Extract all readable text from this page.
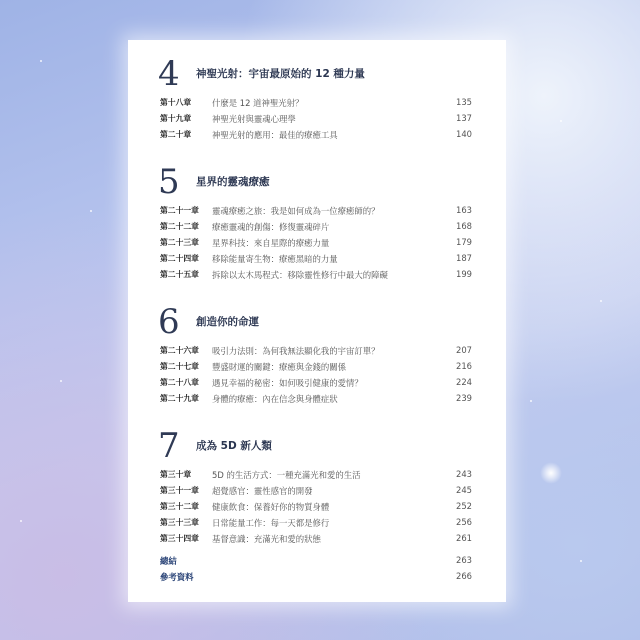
4 神聖光射：宇宙最原始的 12 種力量
第十八章 什麼是 12 道神聖光射？	135
第十九章 神聖光射與靈魂心理學	137
第二十章 神聖光射的應用：最佳的療癒工具	140
5 星界的靈魂療癒
第二十一章 靈魂療癒之旅：我是如何成為一位療癒師的？	163
第二十二章 療癒靈魂的創傷：修復靈魂碎片	168
第二十三章 星界科技：來自星際的療癒力量	179
第二十四章 移除能量寄生物：療癒黑暗的力量	187
第二十五章 拆除以太木馬程式：移除靈性修行中最大的障礙	199
6 創造你的命運
第二十六章 吸引力法則：為何我無法顯化我的宇宙訂單？	207
第二十七章 豐盛財運的關鍵：療癒與金錢的關係	216
第二十八章 遇見幸福的秘密：如何吸引健康的愛情？	224
第二十九章 身體的療癒：內在信念與身體症狀	239
7 成為 5D 新人類
第三十章 5D 的生活方式：一種充滿光和愛的生活	243
第三十一章 超覺感官：靈性感官的開發	245
第三十二章 健康飲食：保養好你的物質身體	252
第三十三章 日常能量工作：每一天都是修行	256
第三十四章 基督意識：充滿光和愛的狀態	261
總結	263
參考資料	266
